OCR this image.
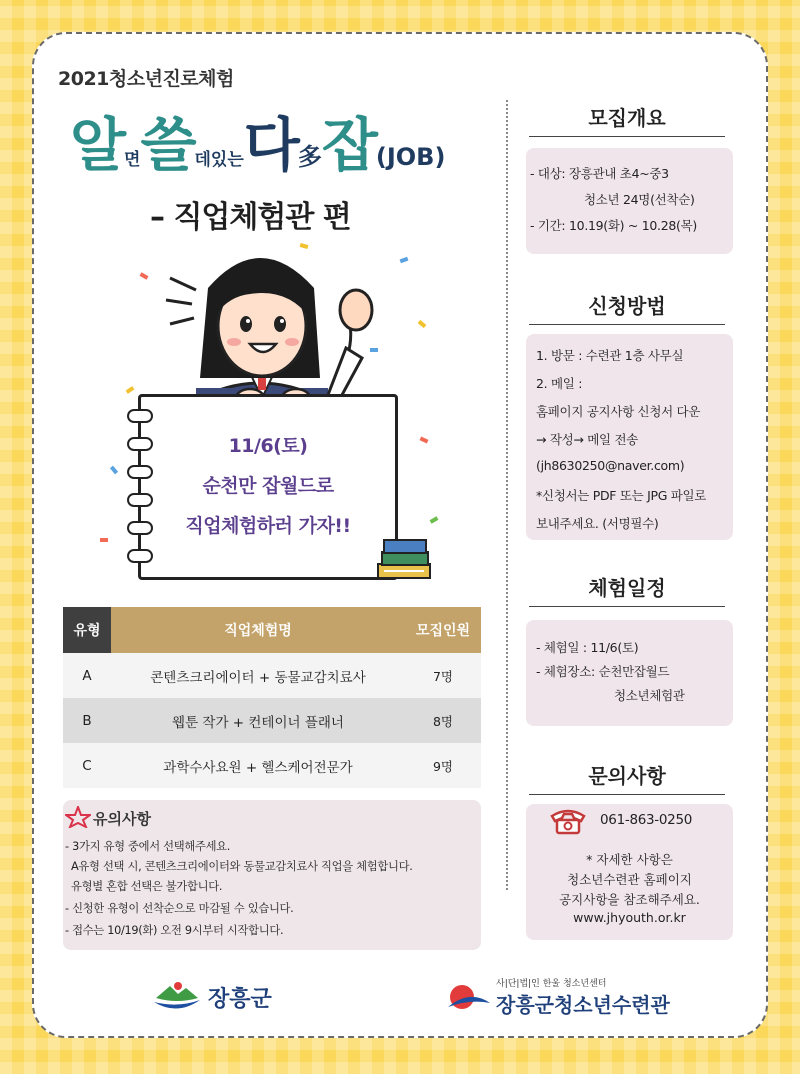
2021청소년진로체험
알면쓸데있는다多잡(JOB)
– 직업체험관 편
11/6(토)
순천만 잡월드로
직업체험하러 가자!!
유형	직업체험명	모집인원
A	콘텐츠크리에이터 + 동물교감치료사	7명
B	웹툰 작가 + 컨테이너 플래너	8명
C	과학수사요원 + 헬스케어전문가	9명
유의사항
- 3가지 유형 중에서 선택해주세요.
A유형 선택 시, 콘텐츠크리에이터와 동물교감치료사 직업을 체험합니다.
유형별 혼합 선택은 불가합니다.
- 신청한 유형이 선착순으로 마감될 수 있습니다.
- 접수는 10/19(화) 오전 9시부터 시작합니다.
모집개요
- 대상: 장흥관내 초4~중3
청소년 24명(선착순)
- 기간: 10.19(화) ~ 10.28(목)
신청방법
1. 방문 : 수련관 1층 사무실
2. 메일 :
홈페이지 공지사항 신청서 다운
→ 작성→ 메일 전송
(jh8630250@naver.com)
*신청서는 PDF 또는 JPG 파일로
보내주세요. (서명필수)
체험일정
- 체험일 : 11/6(토)
- 체험장소: 순천만잡월드
청소년체험관
문의사항
061-863-0250
* 자세한 사항은
청소년수련관 홈페이지
공지사항을 참조해주세요.
www.jhyouth.or.kr
장흥군
사|단|법|인 한울 청소년센터
장흥군청소년수련관
